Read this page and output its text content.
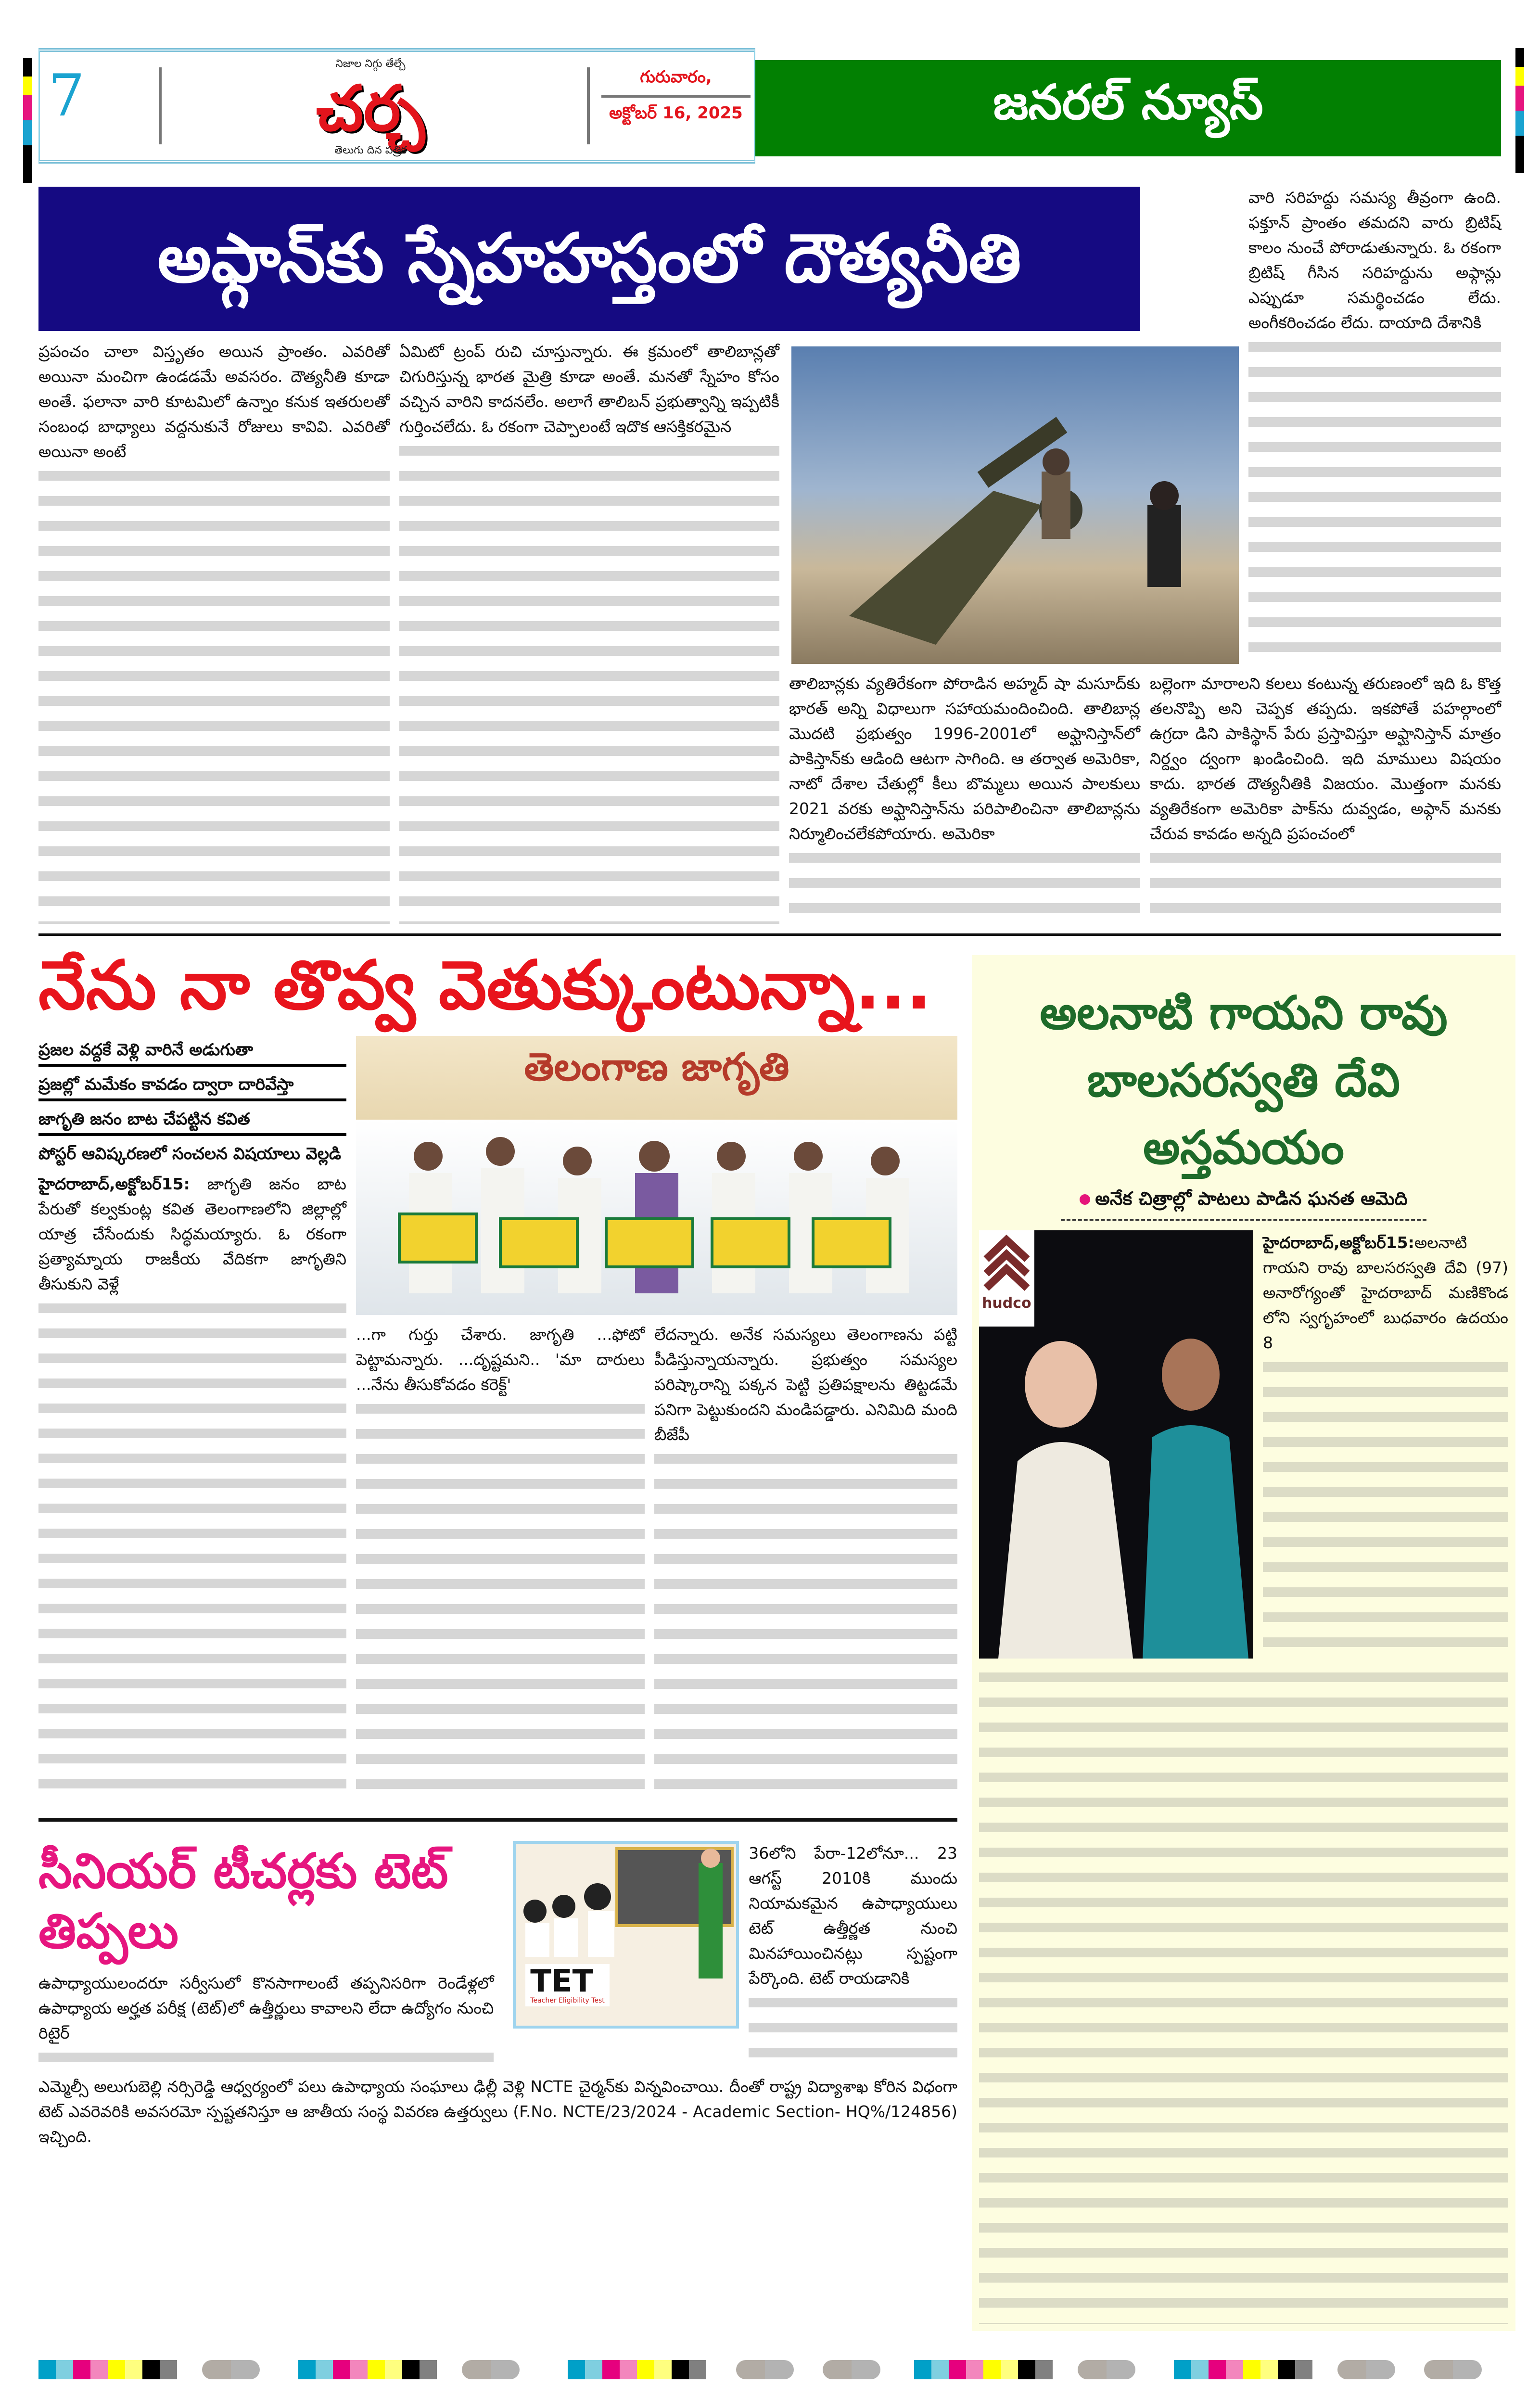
7	నిజాల నిగ్గు తేల్చే
చర్చ
తెలుగు దిన పత్రిక
గురువారం,
అక్టోబర్ 16, 2025	జనరల్ న్యూస్
అఫ్గాన్‌కు స్నేహహస్తంలో దౌత్యనీతి

ప్రపంచం చాలా విస్తృతం అయిన ప్రాంతం. ఎవరితో అయినా మంచిగా ఉండడమే అవసరం. దౌత్యనీతి కూడా అంతే. ఫలానా వారి కూటమిలో ఉన్నాం కనుక ఇతరులతో సంబంధ బాధ్యాలు వద్దనుకునే రోజులు కావివి. ఎవరితో అయినా అంటే

ఏమిటో ట్రంప్ రుచి చూస్తున్నారు. ఈ క్రమంలో తాలిబాన్లతో చిగురిస్తున్న భారత మైత్రి కూడా అంతే. మనతో స్నేహం కోసం వచ్చిన వారిని కాదనలేం. అలాగే తాలిబన్ ప్రభుత్వాన్ని ఇప్పటికీ గుర్తించలేదు. ఓ రకంగా చెప్పాలంటే ఇదొక ఆసక్తికరమైన

వారి సరిహద్దు సమస్య తీవ్రంగా ఉంది. ఫక్తూన్ ప్రాంతం తమదని వారు బ్రిటిష్ కాలం నుంచే పోరాడుతున్నారు. ఓ రకంగా బ్రిటిష్ గీసిన సరిహద్దును అఫ్గాన్లు ఎప్పుడూ సమర్థించడం లేదు. అంగీకరించడం లేదు. దాయాది దేశానికి

తాలిబాన్లకు వ్యతిరేకంగా పోరాడిన అహ్మద్ షా మసూద్‌కు భారత్ అన్ని విధాలుగా సహాయమందించింది. తాలిబాన్ల మొదటి ప్రభుత్వం 1996-2001లో అఫ్ఘానిస్తాన్‌లో పాకిస్తాన్‌కు ఆడింది ఆటగా సాగింది. ఆ తర్వాత అమెరికా, నాటో దేశాల చేతుల్లో కీలు బొమ్మలు అయిన పాలకులు 2021 వరకు అఫ్ఘానిస్తాన్‌ను పరిపాలించినా తాలిబాన్లను నిర్మూలించలేకపోయారు. అమెరికా

బల్లెంగా మారాలని కలలు కంటున్న తరుణంలో ఇది ఓ కొత్త తలనొప్పి అని చెప్పక తప్పదు. ఇకపోతే పహల్గాంలో ఉగ్రదా డిని పాకిస్థాన్ పేరు ప్రస్తావిస్తూ అఫ్ఘానిస్తాన్ మాత్రం నిర్ద్వం ద్వంగా ఖండించింది. ఇది మాములు విషయం కాదు. భారత దౌత్యనీతికి విజయం. మొత్తంగా మనకు వ్యతిరేకంగా అమెరికా పాక్‌ను దువ్వడం, అఫ్గాన్ మనకు చేరువ కావడం అన్నది ప్రపంచంలో

నేను నా తొవ్వ వెతుక్కుంటున్నా...
ప్రజల వద్దకే వెళ్లి వారినే అడుగుతా
ప్రజల్లో మమేకం కావడం ద్వారా దారివేస్తా
జాగృతి జనం బాట చేపట్టిన కవిత
పోస్టర్ ఆవిష్కరణలో సంచలన విషయాలు వెల్లడి

హైదరాబాద్,అక్టోబర్15: జాగృతి జనం బాట పేరుతో కల్వకుంట్ల కవిత తెలంగాణలోని జిల్లాల్లో యాత్ర చేసేందుకు సిద్ధమయ్యారు. ఓ రకంగా ప్రత్యామ్నాయ రాజకీయ వేదికగా జాగృతిని తీసుకుని వెళ్లే

తెలంగాణ జాగృతి

...గా గుర్తు చేశారు. జాగృతి ...ఫోటో పెట్టామన్నారు. ...దృష్టమని.. 'మా దారులు ...నేను తీసుకోవడం కరెక్ట్'

లేదన్నారు. అనేక సమస్యలు తెలంగాణను పట్టి పీడిస్తున్నాయన్నారు. ప్రభుత్వం సమస్యల పరిష్కారాన్ని పక్కన పెట్టి ప్రతిపక్షాలను తిట్టడమే పనిగా పెట్టుకుందని మండిపడ్డారు. ఎనిమిది మంది బీజేపీ

సీనియర్ టీచర్లకు టెట్ తిప్పలు

ఉపాధ్యాయులందరూ సర్వీసులో కొనసాగాలంటే తప్పనిసరిగా రెండేళ్లలో ఉపాధ్యాయ అర్హత పరీక్ష (టెట్)లో ఉత్తీర్ణులు కావాలని లేదా ఉద్యోగం నుంచి రిటైర్

TET
Teacher Eligibility Test

36లోని పేరా-12లోనూ... 23 ఆగస్ట్ 2010కి ముందు నియామకమైన ఉపాధ్యాయులు టెట్ ఉత్తీర్ణత నుంచి మినహాయించినట్లు స్పష్టంగా పేర్కొంది. టెట్ రాయడానికి

ఎమ్మెల్సీ అలుగుబెల్లి నర్సిరెడ్డి ఆధ్వర్యంలో పలు ఉపాధ్యాయ సంఘాలు ఢిల్లీ వెళ్లి NCTE చైర్మన్‌కు విన్నవించాయి. దీంతో రాష్ట్ర విద్యాశాఖ కోరిన విధంగా టెట్ ఎవరెవరికి అవసరమో స్పష్టతనిస్తూ ఆ జాతీయ సంస్థ వివరణ ఉత్తర్వులు (F.No. NCTE/23/2024 - Academic Section- HQ%/124856) ఇచ్చింది.

అలనాటి గాయని రావు
బాలసరస్వతి దేవి అస్తమయం
అనేక చిత్రాల్లో పాటలు పాడిన ఘనత ఆమెది
hudco

హైదరాబాద్,అక్టోబర్15:అలనాటి గాయని రావు బాలసరస్వతి దేవి (97) అనారోగ్యంతో హైదరాబాద్ మణికొండ లోని స్వగృహంలో బుధవారం ఉదయం 8
